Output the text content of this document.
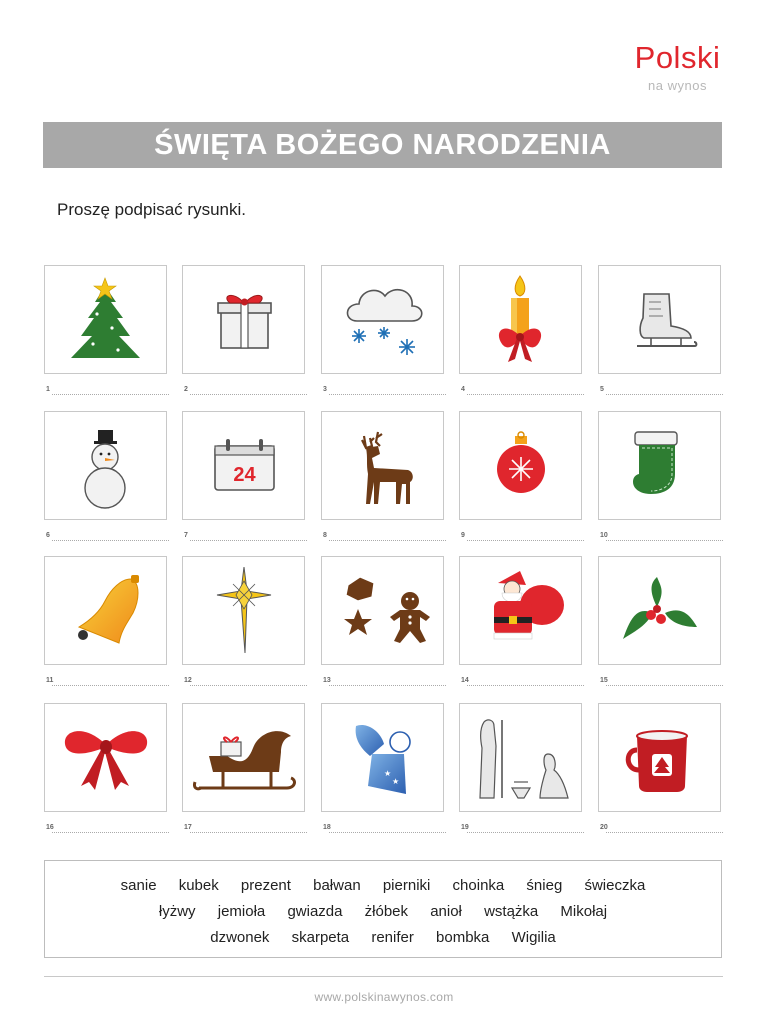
Polski
na wynos
ŚWIĘTA BOŻEGO NARODZENIA
Proszę podpisać rysunki.
1	2	3	4	5
6
24
7	8	9	10
11	12	13	14	15
16	17
★
★
18	19	20
sanie kubek prezent bałwan pierniki choinka śnieg świeczka
łyżwy jemioła gwiazda żłóbek anioł wstążka Mikołaj
dzwonek skarpeta renifer bombka Wigilia
www.polskinawynos.com
